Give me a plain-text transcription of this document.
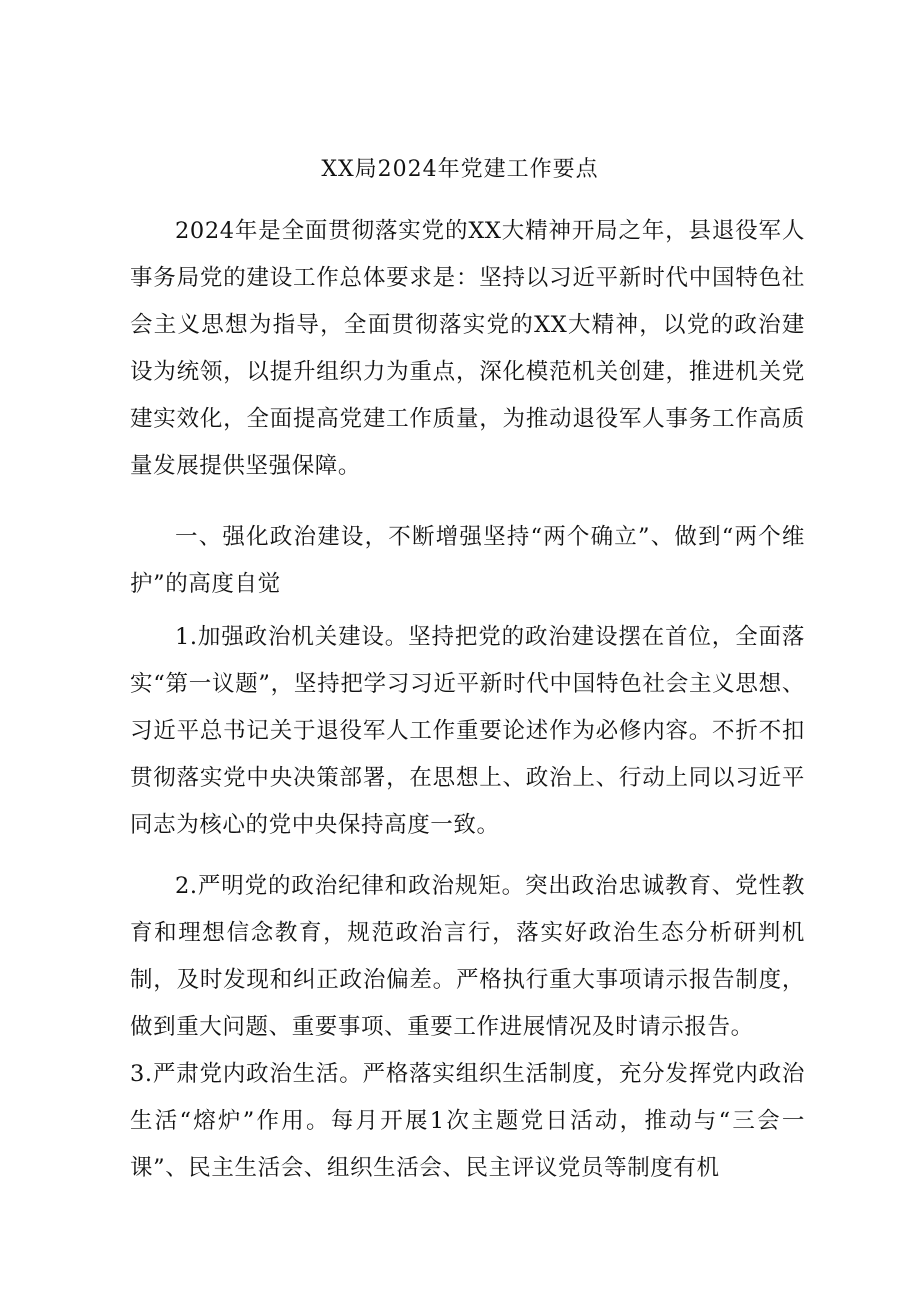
XX局2024年党建工作要点

2024年是全面贯彻落实党的XX大精神开局之年，县退役军人事务局党的建设工作总体要求是：坚持以习近平新时代中国特色社会主义思想为指导，全面贯彻落实党的XX大精神，以党的政治建设为统领，以提升组织力为重点，深化模范机关创建，推进机关党建实效化，全面提高党建工作质量，为推动退役军人事务工作高质量发展提供坚强保障。

一、强化政治建设，不断增强坚持“两个确立”、做到“两个维护”的高度自觉

1.加强政治机关建设。坚持把党的政治建设摆在首位，全面落实“第一议题”，坚持把学习习近平新时代中国特色社会主义思想、习近平总书记关于退役军人工作重要论述作为必修内容。不折不扣贯彻落实党中央决策部署，在思想上、政治上、行动上同以习近平同志为核心的党中央保持高度一致。

2.严明党的政治纪律和政治规矩。突出政治忠诚教育、党性教育和理想信念教育，规范政治言行，落实好政治生态分析研判机制，及时发现和纠正政治偏差。严格执行重大事项请示报告制度，做到重大问题、重要事项、重要工作进展情况及时请示报告。

3.严肃党内政治生活。严格落实组织生活制度，充分发挥党内政治生活“熔炉”作用。每月开展1次主题党日活动，推动与“三会一课”、民主生活会、组织生活会、民主评议党员等制度有机
